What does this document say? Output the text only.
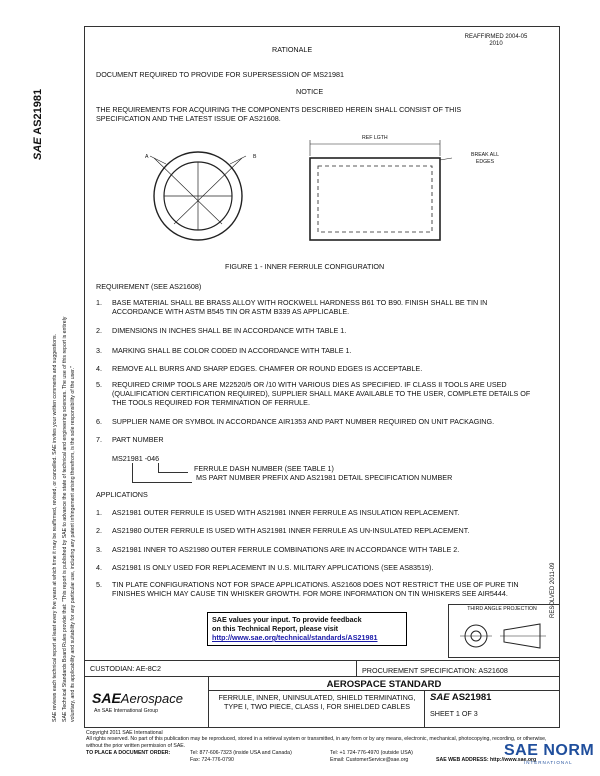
SAE Technical Standards Board Rules provide that: "This report is published by SAE to advance the state of technical and engineering sciences. The use of this report is entirely voluntary, and its applicability and suitability for any particular use, including any patent infringement arising therefrom, is the sole responsibility of the user."
SAE reviews each technical report at least every five years at which time it may be reaffirmed, revised, or cancelled. SAE invites your written comments and suggestions.
SAE AS21981
RATIONALE
REAFFIRMED 2004-05
2010
DOCUMENT REQUIRED TO PROVIDE FOR SUPERSESSION OF MS21981
NOTICE
THE REQUIREMENTS FOR ACQUIRING THE COMPONENTS DESCRIBED HEREIN SHALL CONSIST OF THIS SPECIFICATION AND THE LATEST ISSUE OF AS21608.
RESOLVED 2011-09
A	B
REF LGTH
BREAK ALL EDGES
FIGURE 1 - INNER FERRULE CONFIGURATION
REQUIREMENT (SEE AS21608)
1. BASE MATERIAL SHALL BE BRASS ALLOY WITH ROCKWELL HARDNESS B61 TO B90. FINISH SHALL BE TIN IN ACCORDANCE WITH ASTM B545 TIN OR ASTM B339 AS APPLICABLE.
2. DIMENSIONS IN INCHES SHALL BE IN ACCORDANCE WITH TABLE 1.
3. MARKING SHALL BE COLOR CODED IN ACCORDANCE WITH TABLE 1.
4. REMOVE ALL BURRS AND SHARP EDGES. CHAMFER OR ROUND EDGES IS ACCEPTABLE.
5. REQUIRED CRIMP TOOLS ARE M22520/5 OR /10 WITH VARIOUS DIES AS SPECIFIED. IF CLASS II TOOLS ARE USED (QUALIFICATION CERTIFICATION REQUIRED), SUPPLIER SHALL MAKE AVAILABLE TO THE USER, COMPLETE DETAILS OF THE TOOLS REQUIRED FOR TERMINATION OF FERRULE.
6. SUPPLIER NAME OR SYMBOL IN ACCORDANCE AIR1353 AND PART NUMBER REQUIRED ON UNIT PACKAGING.
7. PART NUMBER
MS21981 -046
FERRULE DASH NUMBER (SEE TABLE 1)
MS PART NUMBER PREFIX AND AS21981 DETAIL SPECIFICATION NUMBER
APPLICATIONS
1. AS21981 OUTER FERRULE IS USED WITH AS21981 INNER FERRULE AS INSULATION REPLACEMENT.
2. AS21980 OUTER FERRULE IS USED WITH AS21981 INNER FERRULE AS UN-INSULATED REPLACEMENT.
3. AS21981 INNER TO AS21980 OUTER FERRULE COMBINATIONS ARE IN ACCORDANCE WITH TABLE 2.
4. AS21981 IS ONLY USED FOR REPLACEMENT IN U.S. MILITARY APPLICATIONS (SEE AS83519).
5. TIN PLATE CONFIGURATIONS NOT FOR SPACE APPLICATIONS. AS21608 DOES NOT RESTRICT THE USE OF PURE TIN FINISHES WHICH MAY CAUSE TIN WHISKER GROWTH. FOR MORE INFORMATION ON TIN WHISKERS SEE AIR5444.
THIRD ANGLE PROJECTION
SAE values your input. To provide feedback
on this Technical Report, please visit
http://www.sae.org/technical/standards/AS21981
CUSTODIAN: AE-8C2	PROCUREMENT SPECIFICATION: AS21608
AEROSPACE STANDARD
SAEAerospace
An SAE International Group
FERRULE, INNER, UNINSULATED, SHIELD TERMINATING, TYPE I, TWO PIECE, CLASS I, FOR SHIELDED CABLES
SAE AS21981
SHEET 1 OF 3
Copyright 2011 SAE International
All rights reserved. No part of this publication may be reproduced, stored in a retrieval system or transmitted, in any form or by any means, electronic, mechanical, photocopying, recording, or otherwise, without the prior written permission of SAE.
TO PLACE A DOCUMENT ORDER:	Tel: 877-606-7323 (inside USA and Canada)	Tel: +1 724-776-4970 (outside USA)
Fax: 724-776-0790	Email: CustomerService@sae.org	SAE WEB ADDRESS: http://www.sae.org
SAE NORM
INTERNATIONAL
